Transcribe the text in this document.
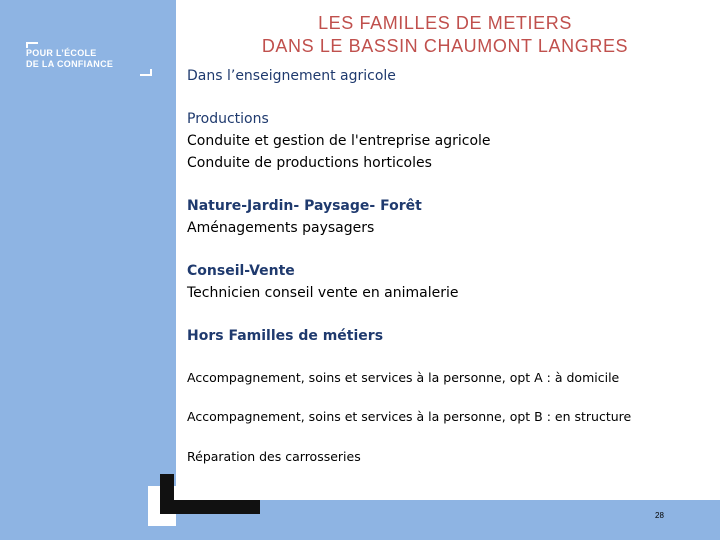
POUR L’ÉCOLE
DE LA CONFIANCE
LES FAMILLES DE METIERS
DANS LE BASSIN CHAUMONT LANGRES
Dans l’enseignement agricole
Productions
Conduite et gestion de l'entreprise agricole
Conduite de productions horticoles
Nature-Jardin- Paysage- Forêt
Aménagements paysagers
Conseil-Vente
Technicien conseil vente en animalerie
Hors Familles de métiers
Accompagnement, soins et services à la personne, opt A : à domicile
Accompagnement, soins et services à la personne, opt B : en structure
Réparation des carrosseries
28
